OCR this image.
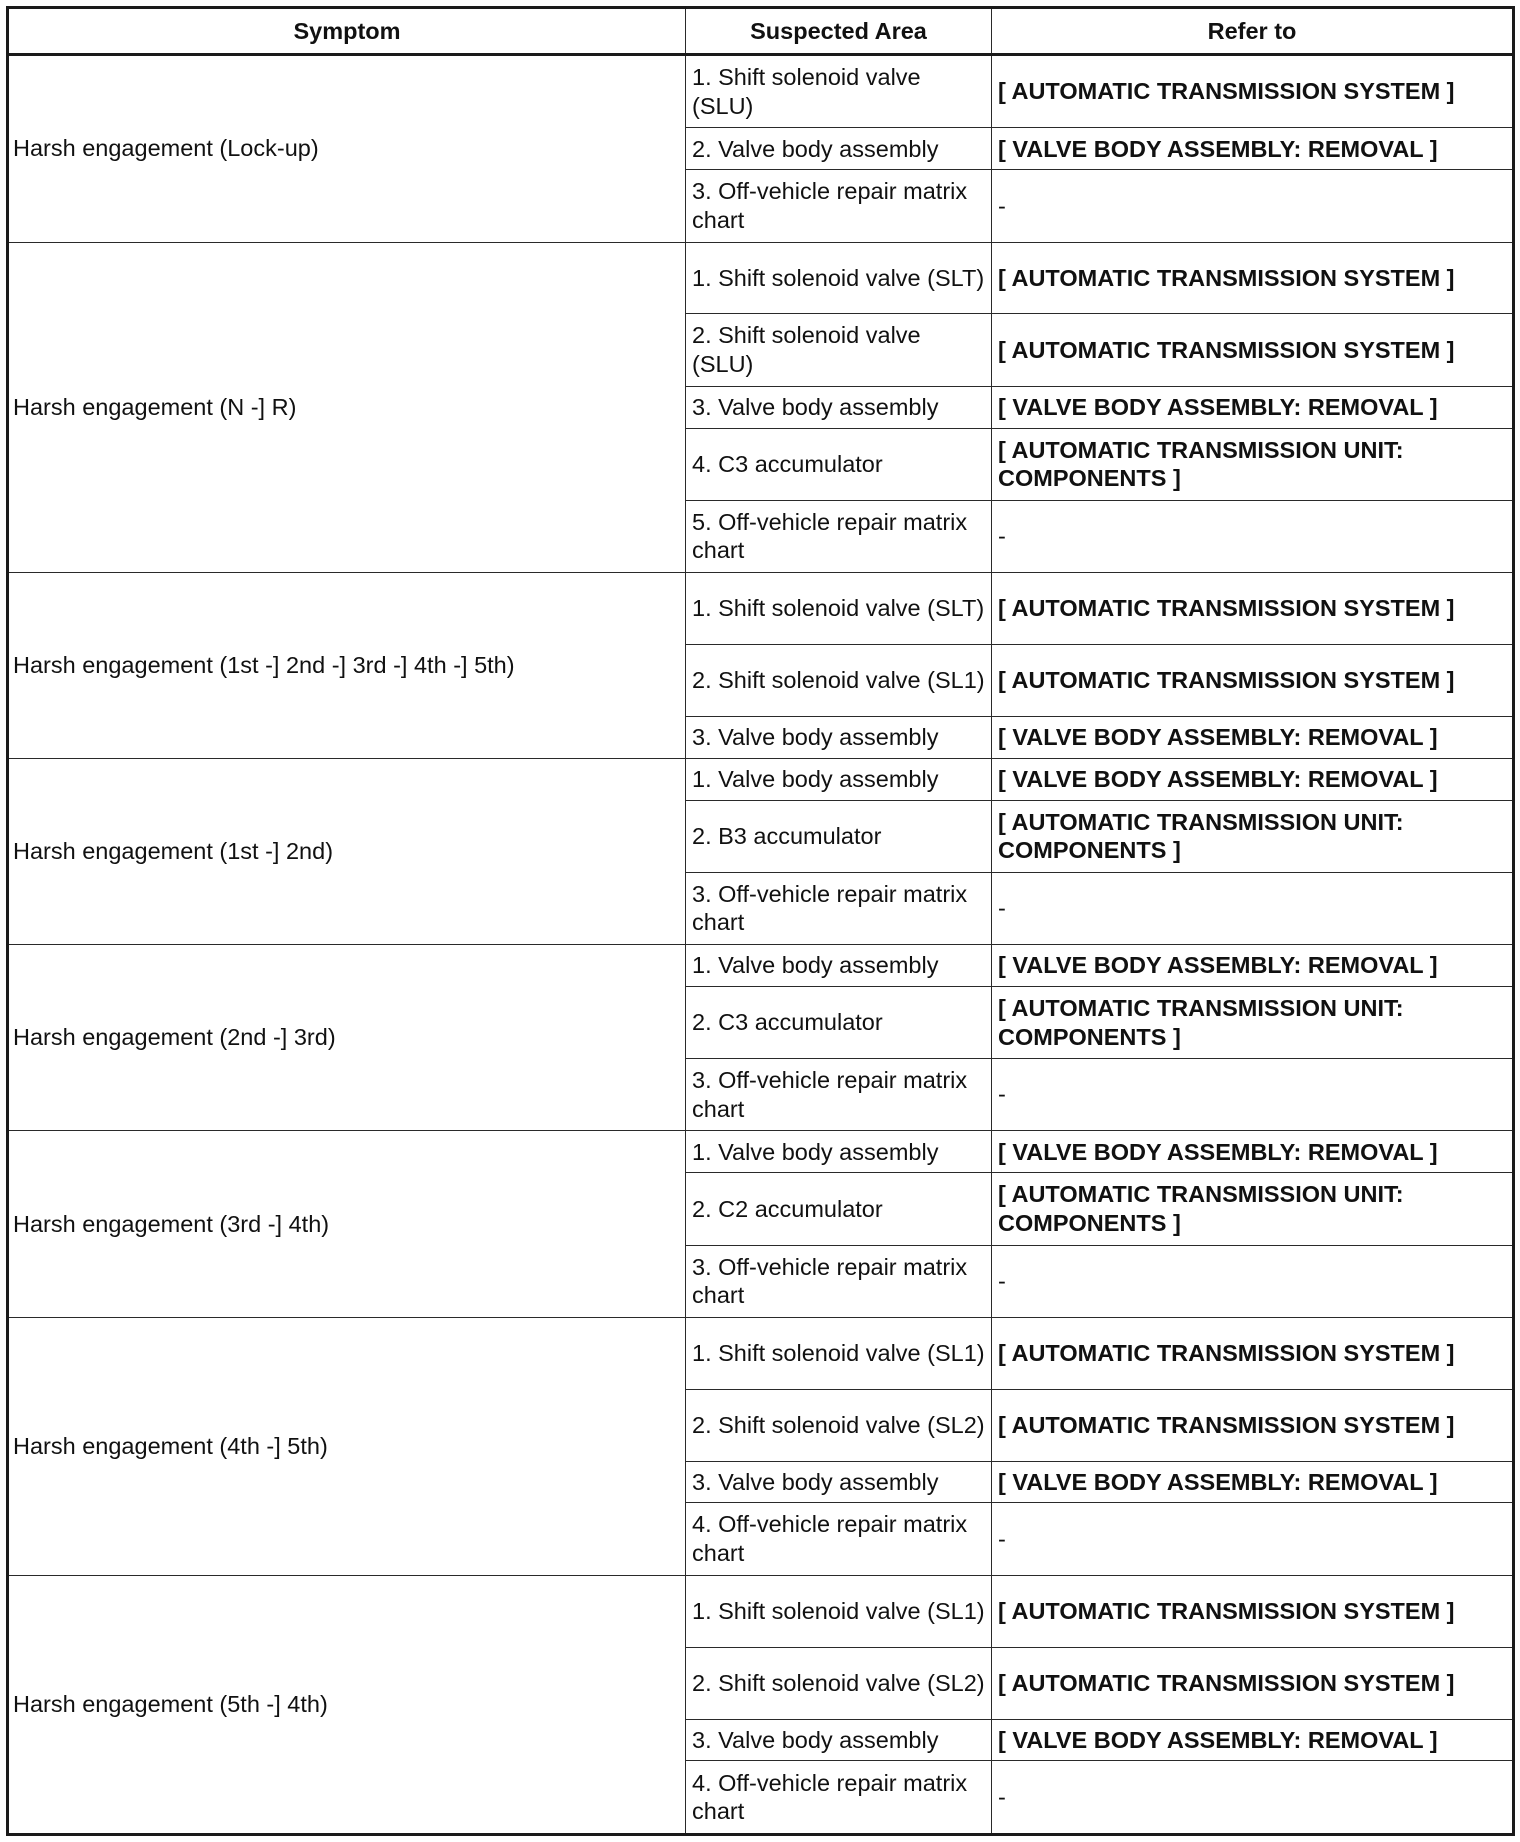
Symptom	Suspected Area	Refer to
Harsh engagement (Lock-up)	1. Shift solenoid valve (SLU)	[ AUTOMATIC TRANSMISSION SYSTEM ]
	2. Valve body assembly	[ VALVE BODY ASSEMBLY: REMOVAL ]
	3. Off-vehicle repair matrix chart	-
Harsh engagement (N -] R)	1. Shift solenoid valve (SLT)	[ AUTOMATIC TRANSMISSION SYSTEM ]
	2. Shift solenoid valve (SLU)	[ AUTOMATIC TRANSMISSION SYSTEM ]
	3. Valve body assembly	[ VALVE BODY ASSEMBLY: REMOVAL ]
	4. C3 accumulator	[ AUTOMATIC TRANSMISSION UNIT: COMPONENTS ]
	5. Off-vehicle repair matrix chart	-
Harsh engagement (1st -] 2nd -] 3rd -] 4th -] 5th)	1. Shift solenoid valve (SLT)	[ AUTOMATIC TRANSMISSION SYSTEM ]
	2. Shift solenoid valve (SL1)	[ AUTOMATIC TRANSMISSION SYSTEM ]
	3. Valve body assembly	[ VALVE BODY ASSEMBLY: REMOVAL ]
Harsh engagement (1st -] 2nd)	1. Valve body assembly	[ VALVE BODY ASSEMBLY: REMOVAL ]
	2. B3 accumulator	[ AUTOMATIC TRANSMISSION UNIT: COMPONENTS ]
	3. Off-vehicle repair matrix chart	-
Harsh engagement (2nd -] 3rd)	1. Valve body assembly	[ VALVE BODY ASSEMBLY: REMOVAL ]
	2. C3 accumulator	[ AUTOMATIC TRANSMISSION UNIT: COMPONENTS ]
	3. Off-vehicle repair matrix chart	-
Harsh engagement (3rd -] 4th)	1. Valve body assembly	[ VALVE BODY ASSEMBLY: REMOVAL ]
	2. C2 accumulator	[ AUTOMATIC TRANSMISSION UNIT: COMPONENTS ]
	3. Off-vehicle repair matrix chart	-
Harsh engagement (4th -] 5th)	1. Shift solenoid valve (SL1)	[ AUTOMATIC TRANSMISSION SYSTEM ]
	2. Shift solenoid valve (SL2)	[ AUTOMATIC TRANSMISSION SYSTEM ]
	3. Valve body assembly	[ VALVE BODY ASSEMBLY: REMOVAL ]
	4. Off-vehicle repair matrix chart	-
Harsh engagement (5th -] 4th)	1. Shift solenoid valve (SL1)	[ AUTOMATIC TRANSMISSION SYSTEM ]
	2. Shift solenoid valve (SL2)	[ AUTOMATIC TRANSMISSION SYSTEM ]
	3. Valve body assembly	[ VALVE BODY ASSEMBLY: REMOVAL ]
	4. Off-vehicle repair matrix chart	-
